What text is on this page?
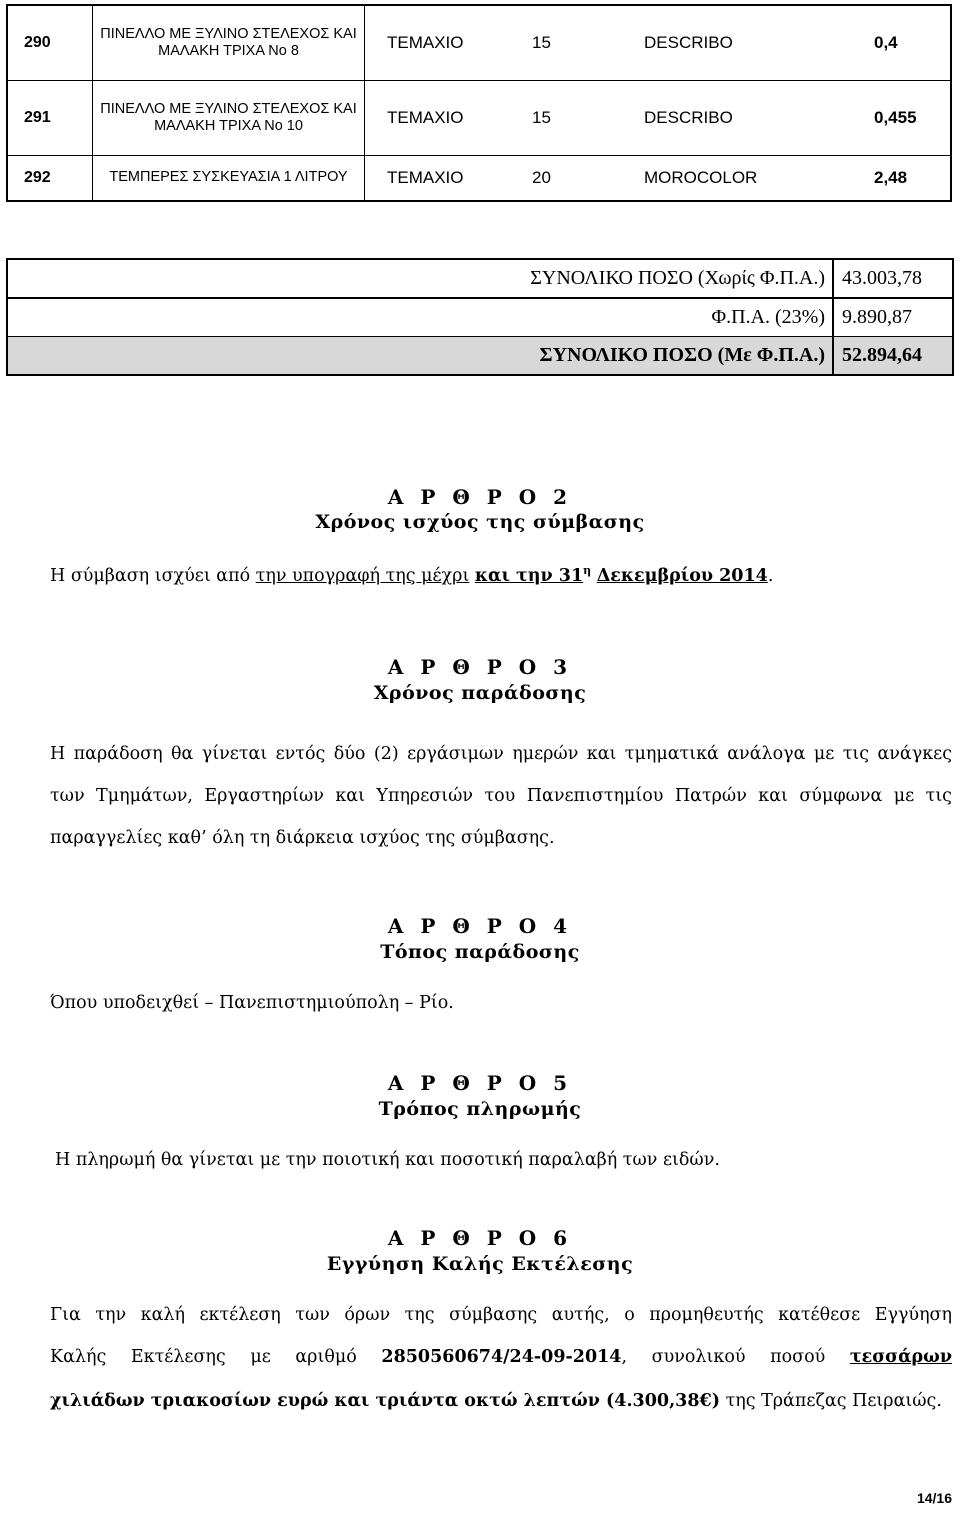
290	ΠΙΝΕΛΛΟ ΜΕ ΞΥΛΙΝΟ ΣΤΕΛΕΧΟΣ ΚΑΙ ΜΑΛΑΚΗ ΤΡΙΧΑ No 8	ΤΕΜΑΧΙΟ 15 DESCRIBO 0,4
291	ΠΙΝΕΛΛΟ ΜΕ ΞΥΛΙΝΟ ΣΤΕΛΕΧΟΣ ΚΑΙ ΜΑΛΑΚΗ ΤΡΙΧΑ No 10	ΤΕΜΑΧΙΟ 15 DESCRIBO 0,455
292	ΤΕΜΠΕΡΕΣ ΣΥΣΚΕΥΑΣΙΑ 1 ΛΙΤΡΟΥ	ΤΕΜΑΧΙΟ 20 MOROCOLOR 2,48
ΣΥΝΟΛΙΚΟ ΠΟΣΟ (Χωρίς Φ.Π.Α.) 43.003,78
Φ.Π.Α. (23%) 9.890,87
ΣΥΝΟΛΙΚΟ ΠΟΣΟ (Με Φ.Π.Α.) 52.894,64
Α Ρ Θ Ρ Ο 2
Χρόνος ισχύος της σύμβασης
Η σύμβαση ισχύει από την υπογραφή της μέχρι και την $31^\eta$ Δεκεμβρίου 2014.
Α Ρ Θ Ρ Ο 3
Χρόνος παράδοσης
Η παράδοση θα γίνεται εντός δύο (2) εργάσιμων ημερών και τμηματικά ανάλογα με τις ανάγκες
των Τμημάτων, Εργαστηρίων και Υπηρεσιών του Πανεπιστημίου Πατρών και σύμφωνα με τις
παραγγελίες καθ’ όλη τη διάρκεια ισχύος της σύμβασης.
Α Ρ Θ Ρ Ο 4
Τόπος παράδοσης
Όπου υποδειχθεί – Πανεπιστημιούπολη – Ρίο.
Α Ρ Θ Ρ Ο 5
Τρόπος πληρωμής
Η πληρωμή θα γίνεται με την ποιοτική και ποσοτική παραλαβή των ειδών.
Α Ρ Θ Ρ Ο 6
Εγγύηση Καλής Εκτέλεσης
Για την καλή εκτέλεση των όρων της σύμβασης αυτής, ο προμηθευτής κατέθεσε Εγγύηση
Καλής Εκτέλεσης με αριθμό 2850560674/24-09-2014, συνολικού ποσού τεσσάρων
χιλιάδων τριακοσίων ευρώ και τριάντα οκτώ λεπτών (4.300,38€) της Τράπεζας Πειραιώς.
14/16
